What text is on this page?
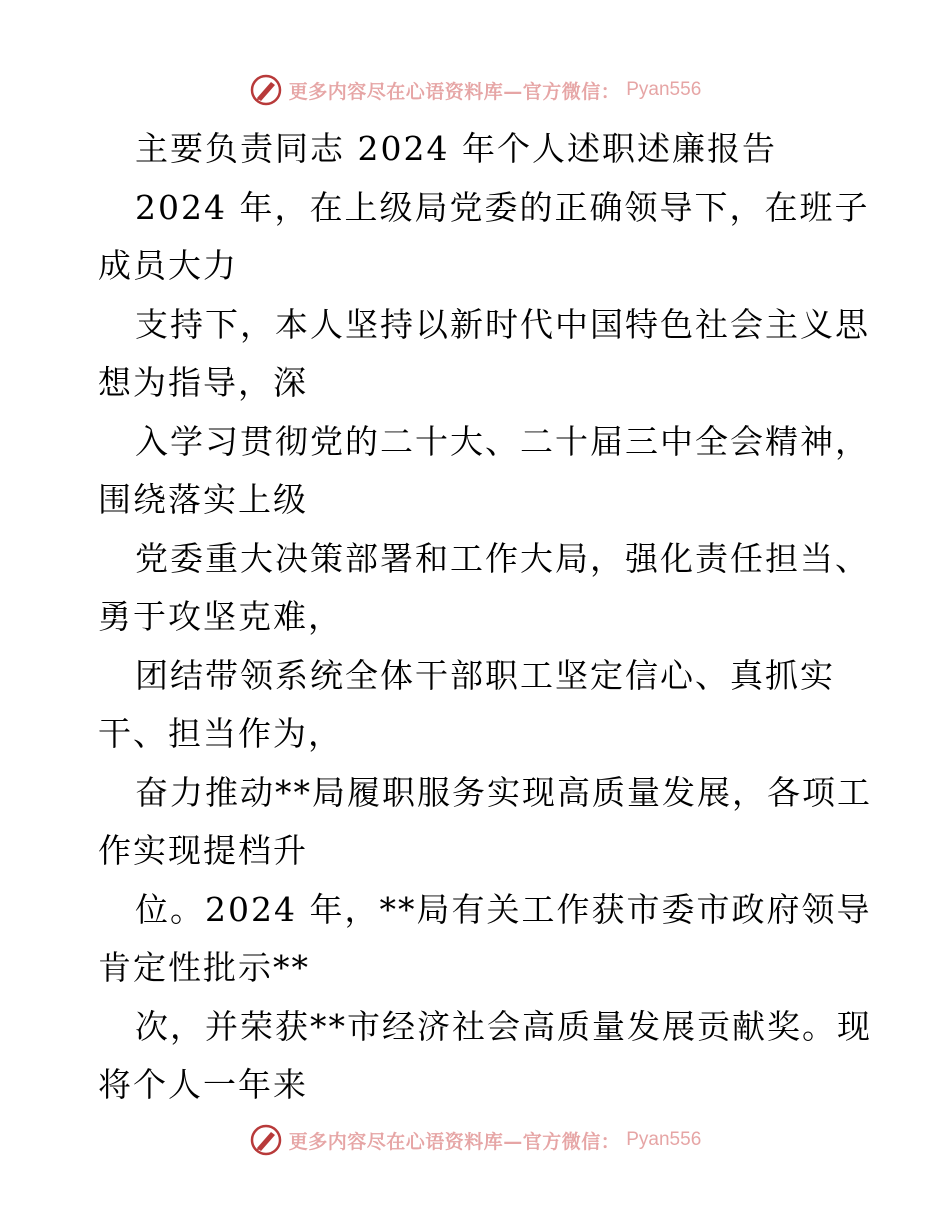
更多内容尽在心语资料库—官方微信： Pyan556
主要负责同志 2024 年个人述职述廉报告
2024 年，在上级局党委的正确领导下，在班子
成员大力
支持下，本人坚持以新时代中国特色社会主义思
想为指导，深
入学习贯彻党的二十大、二十届三中全会精神，
围绕落实上级
党委重大决策部署和工作大局，强化责任担当、
勇于攻坚克难，
团结带领系统全体干部职工坚定信心、真抓实
干、担当作为，
奋力推动**局履职服务实现高质量发展，各项工
作实现提档升
位。2024 年，**局有关工作获市委市政府领导
肯定性批示**
次，并荣获**市经济社会高质量发展贡献奖。现
将个人一年来
更多内容尽在心语资料库—官方微信： Pyan556
